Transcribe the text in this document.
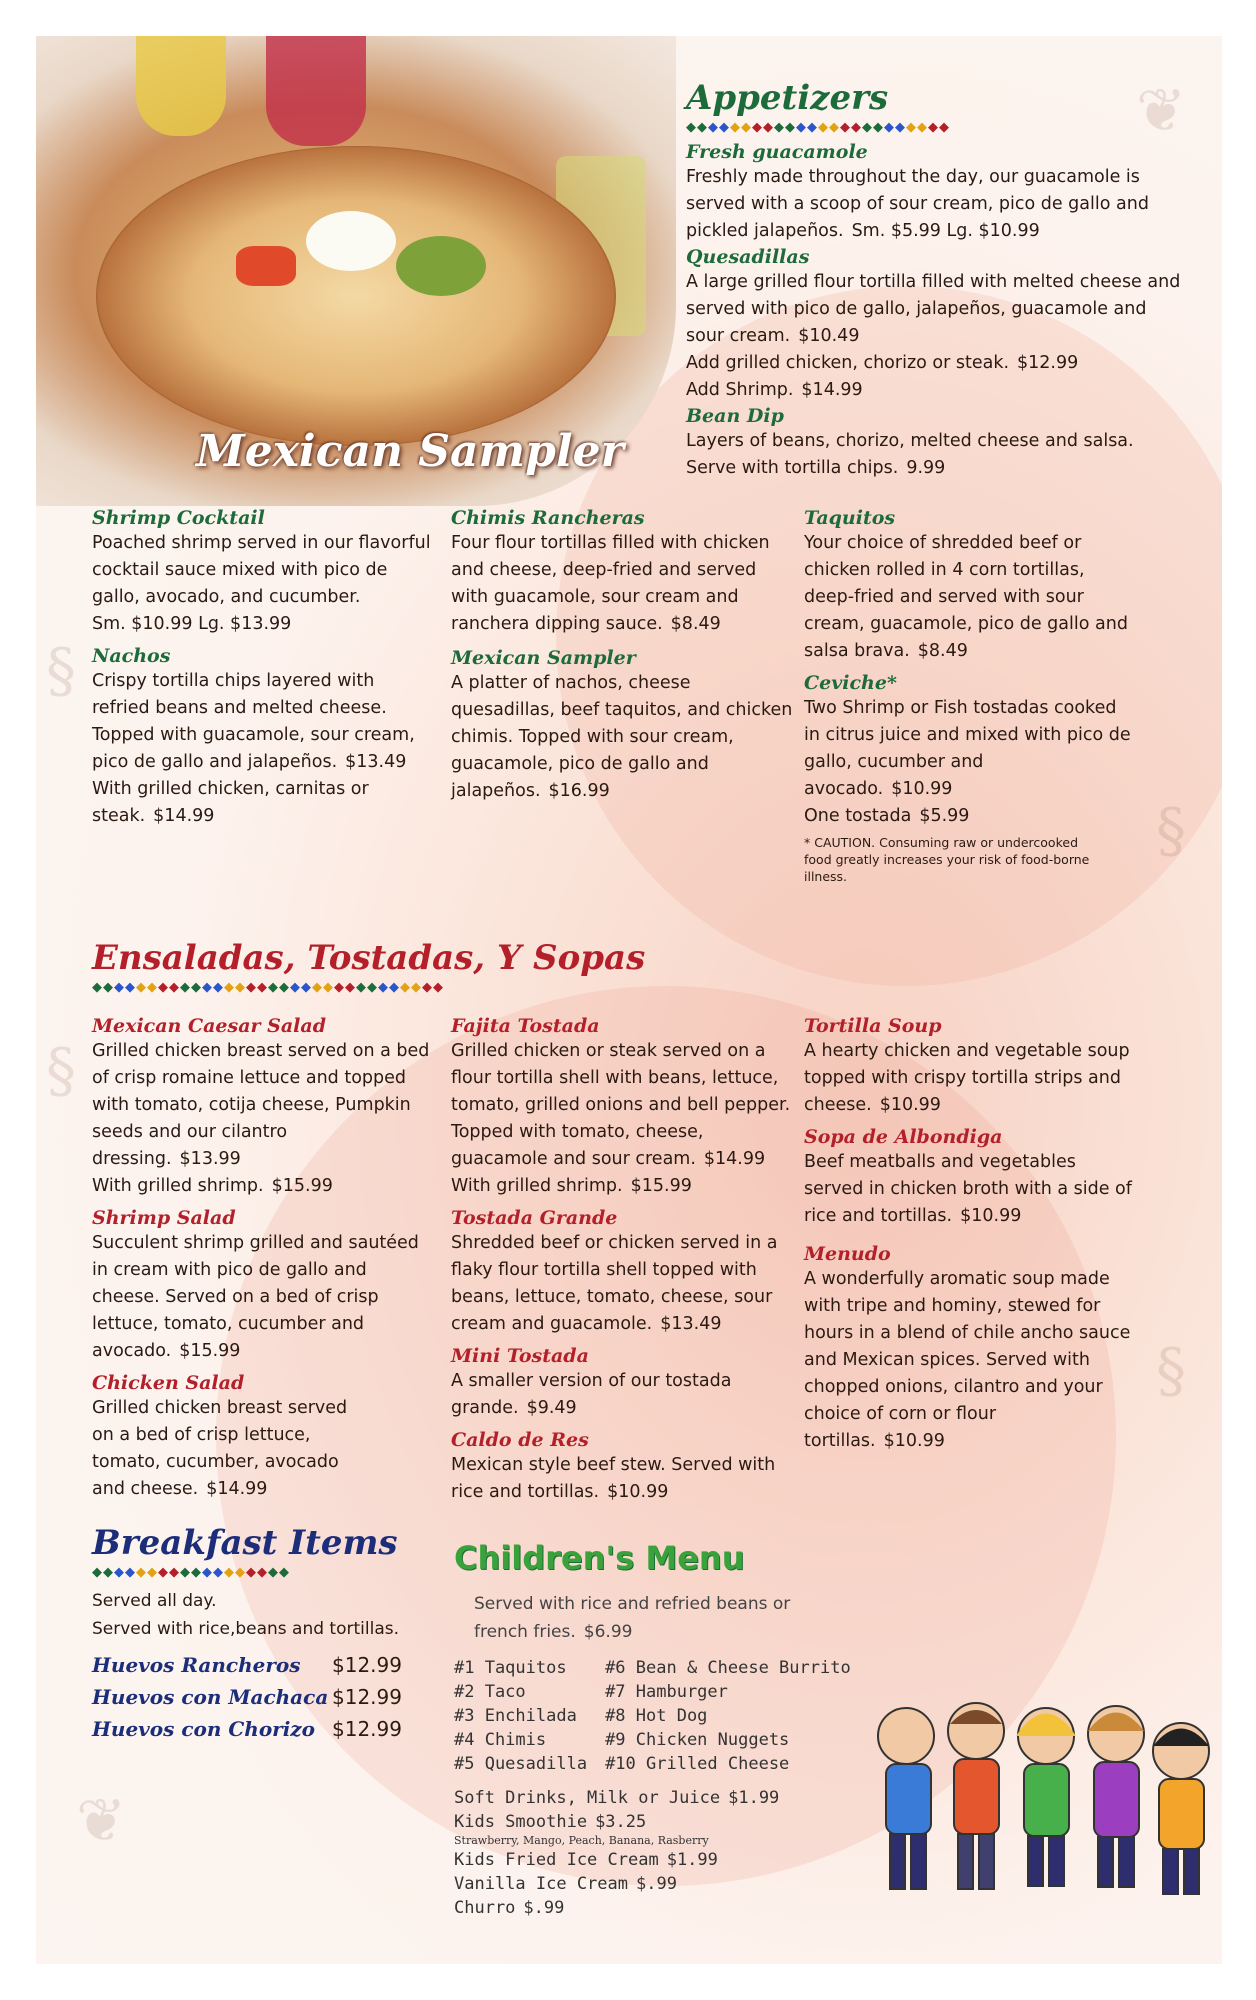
❦
§
§
§
§
❦
Mexican Sampler
Appetizers
◆◆◆◆◆◆◆◆◆◆◆◆◆◆◆◆◆◆◆◆◆◆◆◆

Fresh guacamole

Freshly made throughout the day, our guacamole is served with a scoop of sour cream, pico de gallo and pickled jalapeños. Sm. $5.99 Lg. $10.99

Quesadillas

A large grilled flour tortilla filled with melted cheese and served with pico de gallo, jalapeños, guacamole and sour cream. $10.49

Add grilled chicken, chorizo or steak. $12.99

Add Shrimp. $14.99

Bean Dip

Layers of beans, chorizo, melted cheese and salsa. Serve with tortilla chips. 9.99

Shrimp Cocktail

Poached shrimp served in our flavorful cocktail sauce mixed with pico de gallo, avocado, and cucumber.

Sm. $10.99 Lg. $13.99

Nachos

Crispy tortilla chips layered with refried beans and melted cheese. Topped with guacamole, sour cream, pico de gallo and jalapeños. $13.49

With grilled chicken, carnitas or steak. $14.99

Chimis Rancheras

Four flour tortillas filled with chicken and cheese, deep-fried and served with guacamole, sour cream and ranchera dipping sauce. $8.49

Mexican Sampler

A platter of nachos, cheese quesadillas, beef taquitos, and chicken chimis. Topped with sour cream, guacamole, pico de gallo and jalapeños. $16.99

Taquitos

Your choice of shredded beef or chicken rolled in 4 corn tortillas, deep-fried and served with sour cream, guacamole, pico de gallo and salsa brava. $8.49

Ceviche*

Two Shrimp or Fish tostadas cooked in citrus juice and mixed with pico de gallo, cucumber and avocado. $10.99

One tostada $5.99

* CAUTION. Consuming raw or undercooked food greatly increases your risk of food-borne illness.

Ensaladas, Tostadas, Y Sopas
◆◆◆◆◆◆◆◆◆◆◆◆◆◆◆◆◆◆◆◆◆◆◆◆◆◆◆◆◆◆◆◆

Mexican Caesar Salad

Grilled chicken breast served on a bed of crisp romaine lettuce and topped with tomato, cotija cheese, Pumpkin seeds and our cilantro dressing. $13.99

With grilled shrimp. $15.99

Shrimp Salad

Succulent shrimp grilled and sautéed in cream with pico de gallo and cheese. Served on a bed of crisp lettuce, tomato, cucumber and avocado. $15.99

Chicken Salad

Grilled chicken breast served on a bed of crisp lettuce, tomato, cucumber, avocado and cheese. $14.99

Fajita Tostada

Grilled chicken or steak served on a flour tortilla shell with beans, lettuce, tomato, grilled onions and bell pepper. Topped with tomato, cheese, guacamole and sour cream. $14.99

With grilled shrimp. $15.99

Tostada Grande

Shredded beef or chicken served in a flaky flour tortilla shell topped with beans, lettuce, tomato, cheese, sour cream and guacamole. $13.49

Mini Tostada

A smaller version of our tostada grande. $9.49

Caldo de Res

Mexican style beef stew. Served with rice and tortillas. $10.99

Tortilla Soup

A hearty chicken and vegetable soup topped with crispy tortilla strips and cheese. $10.99

Sopa de Albondiga

Beef meatballs and vegetables served in chicken broth with a side of rice and tortillas. $10.99

Menudo

A wonderfully aromatic soup made with tripe and hominy, stewed for hours in a blend of chile ancho sauce and Mexican spices. Served with chopped onions, cilantro and your choice of corn or flour tortillas. $10.99

Breakfast Items
◆◆◆◆◆◆◆◆◆◆◆◆◆◆◆◆◆◆

Served all day.

Served with rice,beans and tortillas.

Huevos Rancheros $12.99
Huevos con Machaca $12.99
Huevos con Chorizo $12.99
Children's Menu

Served with rice and refried beans or french fries. $6.99

#1 Taquitos
#2 Taco
#3 Enchilada
#4 Chimis
#5 Quesadilla
#6 Bean & Cheese Burrito
#7 Hamburger
#8 Hot Dog
#9 Chicken Nuggets
#10 Grilled Cheese
Soft Drinks, Milk or Juice $1.99
Kids Smoothie $3.25
Strawberry, Mango, Peach, Banana, Rasberry
Kids Fried Ice Cream $1.99
Vanilla Ice Cream $.99
Churro $.99
